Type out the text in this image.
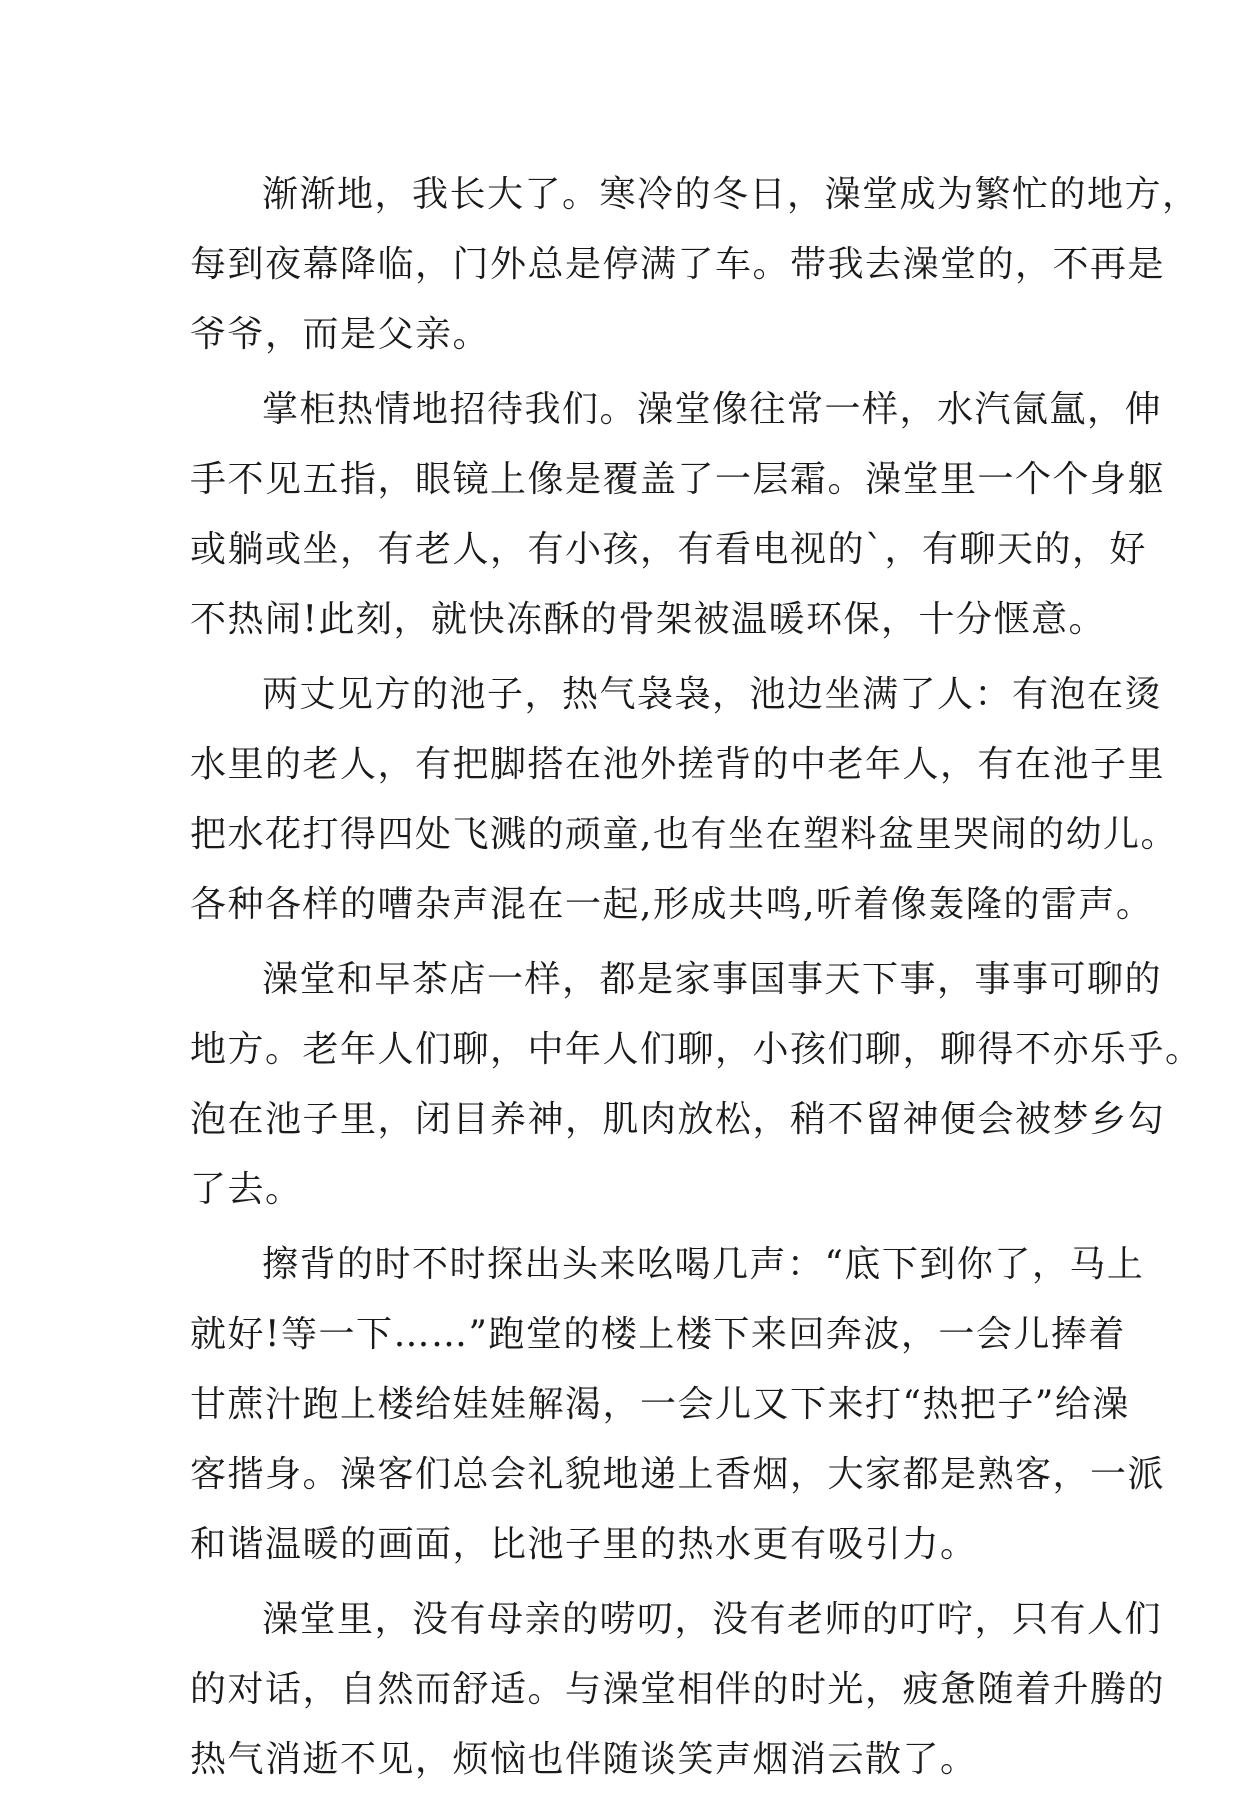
渐渐地，我长大了。寒冷的冬日，澡堂成为繁忙的地方，
每到夜幕降临，门外总是停满了车。带我去澡堂的，不再是
爷爷，而是父亲。

掌柜热情地招待我们。澡堂像往常一样，水汽氤氲，伸
手不见五指，眼镜上像是覆盖了一层霜。澡堂里一个个身躯
或躺或坐，有老人，有小孩，有看电视的`，有聊天的，好
不热闹!此刻，就快冻酥的骨架被温暖环保，十分惬意。

两丈见方的池子，热气袅袅，池边坐满了人：有泡在烫
水里的老人，有把脚搭在池外搓背的中老年人，有在池子里
把水花打得四处飞溅的顽童,也有坐在塑料盆里哭闹的幼儿。
各种各样的嘈杂声混在一起,形成共鸣,听着像轰隆的雷声。

澡堂和早茶店一样，都是家事国事天下事，事事可聊的
地方。老年人们聊，中年人们聊，小孩们聊，聊得不亦乐乎。
泡在池子里，闭目养神，肌肉放松，稍不留神便会被梦乡勾
了去。

擦背的时不时探出头来吆喝几声：“底下到你了，马上
就好!等一下……”跑堂的楼上楼下来回奔波，一会儿捧着
甘蔗汁跑上楼给娃娃解渴，一会儿又下来打“热把子”给澡
客揩身。澡客们总会礼貌地递上香烟，大家都是熟客，一派
和谐温暖的画面，比池子里的热水更有吸引力。

澡堂里，没有母亲的唠叨，没有老师的叮咛，只有人们
的对话，自然而舒适。与澡堂相伴的时光，疲惫随着升腾的
热气消逝不见，烦恼也伴随谈笑声烟消云散了。
